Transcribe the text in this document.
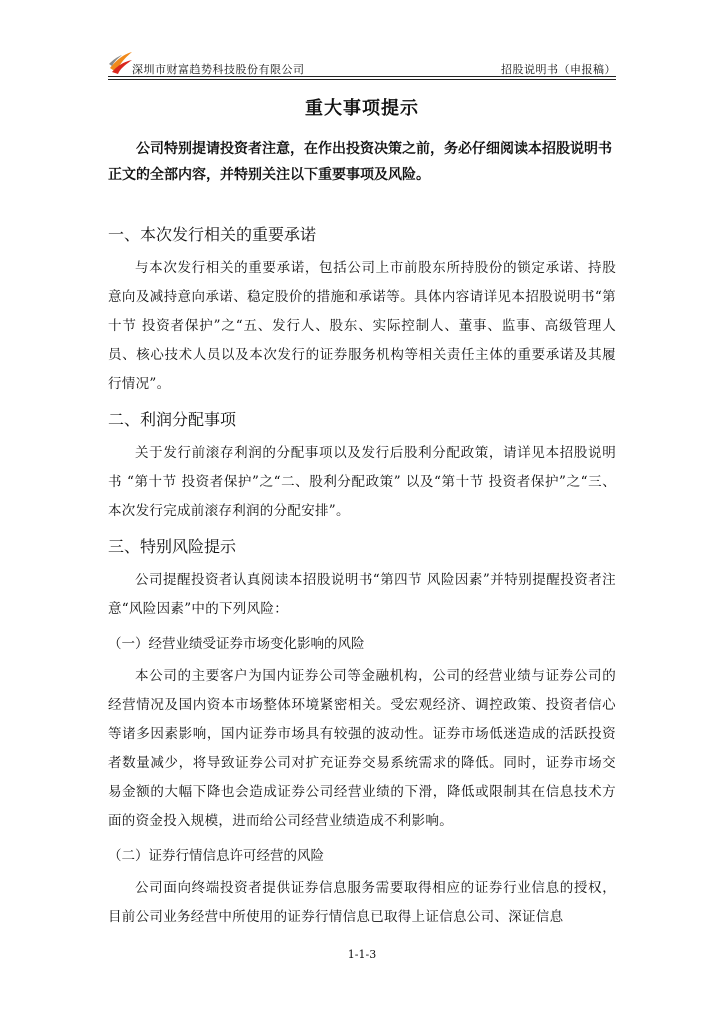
深圳市财富趋势科技股份有限公司	招股说明书（申报稿）
重大事项提示
公司特别提请投资者注意，在作出投资决策之前，务必仔细阅读本招股说明书正文的全部内容，并特别关注以下重要事项及风险。
一、本次发行相关的重要承诺

与本次发行相关的重要承诺，包括公司上市前股东所持股份的锁定承诺、持股意向及减持意向承诺、稳定股价的措施和承诺等。具体内容请详见本招股说明书“第十节 投资者保护”之“五、发行人、股东、实际控制人、董事、监事、高级管理人员、核心技术人员以及本次发行的证券服务机构等相关责任主体的重要承诺及其履行情况”。

二、利润分配事项

关于发行前滚存利润的分配事项以及发行后股利分配政策，请详见本招股说明书 “第十节 投资者保护”之“二、股利分配政策” 以及“第十节 投资者保护”之“三、本次发行完成前滚存利润的分配安排”。

三、特别风险提示

公司提醒投资者认真阅读本招股说明书“第四节 风险因素”并特别提醒投资者注意“风险因素”中的下列风险：

（一）经营业绩受证券市场变化影响的风险

本公司的主要客户为国内证券公司等金融机构，公司的经营业绩与证券公司的经营情况及国内资本市场整体环境紧密相关。受宏观经济、调控政策、投资者信心等诸多因素影响，国内证券市场具有较强的波动性。证券市场低迷造成的活跃投资者数量减少，将导致证券公司对扩充证券交易系统需求的降低。同时，证券市场交易金额的大幅下降也会造成证券公司经营业绩的下滑，降低或限制其在信息技术方面的资金投入规模，进而给公司经营业绩造成不利影响。

（二）证券行情信息许可经营的风险

公司面向终端投资者提供证券信息服务需要取得相应的证券行业信息的授权，目前公司业务经营中所使用的证券行情信息已取得上证信息公司、深证信息

1-1-3
